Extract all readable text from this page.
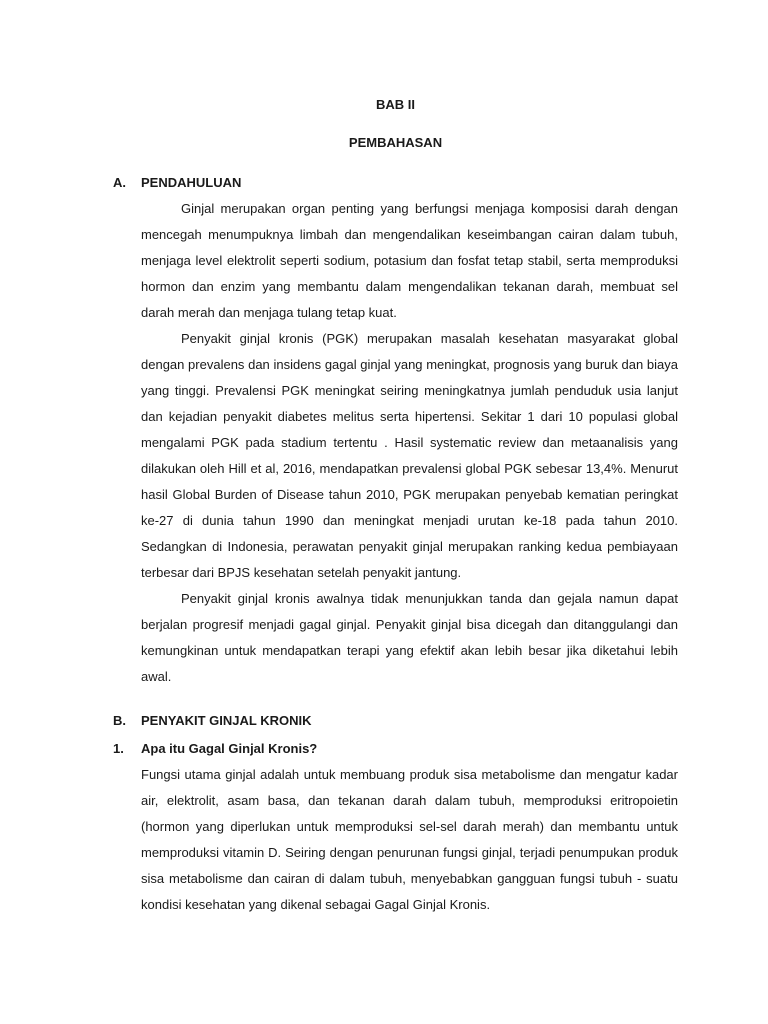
BAB II

PEMBAHASAN

A.	PENDAHULUAN

Ginjal merupakan organ penting yang berfungsi menjaga komposisi darah dengan mencegah menumpuknya limbah dan mengendalikan keseimbangan cairan dalam tubuh, menjaga level elektrolit seperti sodium, potasium dan fosfat tetap stabil, serta memproduksi hormon dan enzim yang membantu dalam mengendalikan tekanan darah, membuat sel darah merah dan menjaga tulang tetap kuat.

Penyakit ginjal kronis (PGK) merupakan masalah kesehatan masyarakat global dengan prevalens dan insidens gagal ginjal yang meningkat, prognosis yang buruk dan biaya yang tinggi. Prevalensi PGK meningkat seiring meningkatnya jumlah penduduk usia lanjut dan kejadian penyakit diabetes melitus serta hipertensi. Sekitar 1 dari 10 populasi global mengalami PGK pada stadium tertentu . Hasil systematic review dan metaanalisis yang dilakukan oleh Hill et al, 2016, mendapatkan prevalensi global PGK sebesar 13,4%. Menurut hasil Global Burden of Disease tahun 2010, PGK merupakan penyebab kematian peringkat ke-27 di dunia tahun 1990 dan meningkat menjadi urutan ke-18 pada tahun 2010. Sedangkan di Indonesia, perawatan penyakit ginjal merupakan ranking kedua pembiayaan terbesar dari BPJS kesehatan setelah penyakit jantung.

Penyakit ginjal kronis awalnya tidak menunjukkan tanda dan gejala namun dapat berjalan progresif menjadi gagal ginjal. Penyakit ginjal bisa dicegah dan ditanggulangi dan kemungkinan untuk mendapatkan terapi yang efektif akan lebih besar jika diketahui lebih awal.

B.	PENYAKIT GINJAL KRONIK
1.	Apa itu Gagal Ginjal Kronis?

Fungsi utama ginjal adalah untuk membuang produk sisa metabolisme dan mengatur kadar air, elektrolit, asam basa, dan tekanan darah dalam tubuh, memproduksi eritropoietin (hormon yang diperlukan untuk memproduksi sel-sel darah merah) dan membantu untuk memproduksi vitamin D. Seiring dengan penurunan fungsi ginjal, terjadi penumpukan produk sisa metabolisme dan cairan di dalam tubuh, menyebabkan gangguan fungsi tubuh - suatu kondisi kesehatan yang dikenal sebagai Gagal Ginjal Kronis.
